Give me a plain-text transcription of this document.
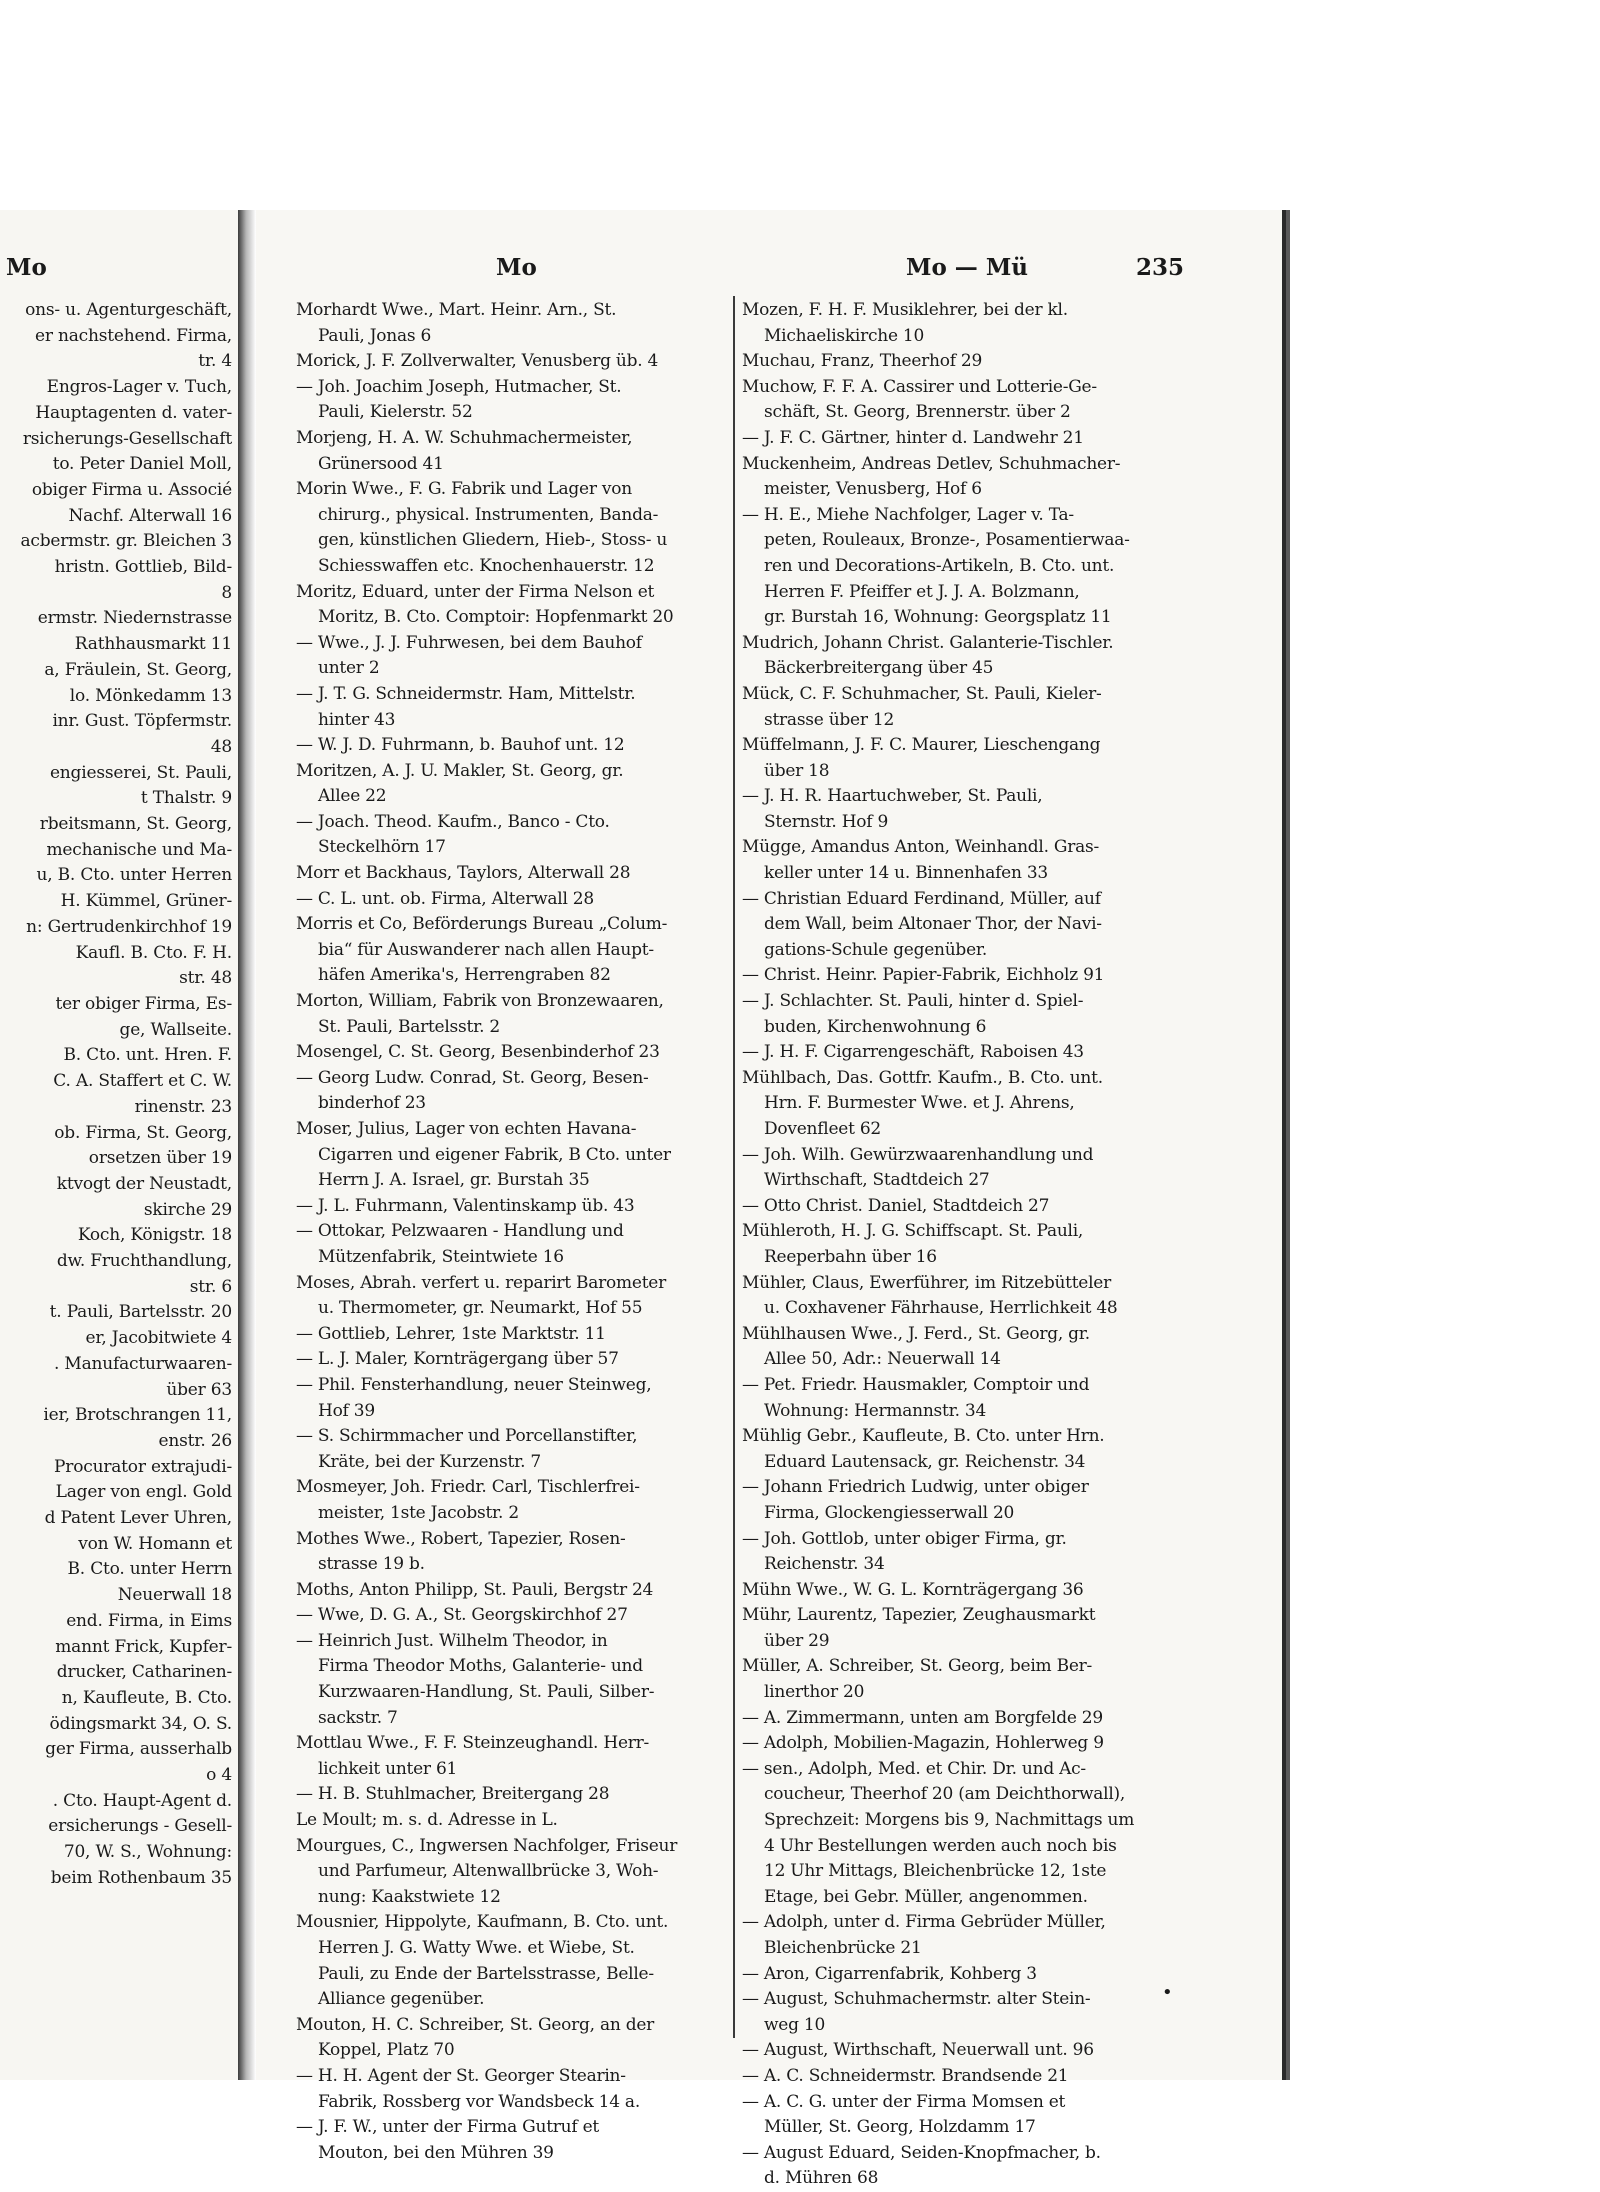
Mo
ons- u. Agenturgeschäft,
er nachstehend. Firma,
tr. 4
Engros-Lager v. Tuch,
Hauptagenten d. vater-
rsicherungs-Gesellschaft
to. Peter Daniel Moll,
obiger Firma u. Associé
Nachf. Alterwall 16
acbermstr. gr. Bleichen 3
hristn. Gottlieb, Bild-
8
ermstr. Niedernstrasse
Rathhausmarkt 11
a, Fräulein, St. Georg,
lo. Mönkedamm 13
inr. Gust. Töpfermstr.
48
engiesserei, St. Pauli,
t Thalstr. 9
rbeitsmann, St. Georg,
mechanische und Ma-
u, B. Cto. unter Herren
H. Kümmel, Grüner-
n: Gertrudenkirchhof 19
Kaufl. B. Cto. F. H.
str. 48
ter obiger Firma, Es-
ge, Wallseite.
B. Cto. unt. Hren. F.
C. A. Staffert et C. W.
rinenstr. 23
ob. Firma, St. Georg,
orsetzen über 19
ktvogt der Neustadt,
skirche 29
Koch, Königstr. 18
dw. Fruchthandlung,
str. 6
t. Pauli, Bartelsstr. 20
er, Jacobitwiete 4
. Manufacturwaaren-
über 63
ier, Brotschrangen 11,
enstr. 26
Procurator extrajudi-
Lager von engl. Gold
d Patent Lever Uhren,
von W. Homann et
B. Cto. unter Herrn
Neuerwall 18
end. Firma, in Eims
mannt Frick, Kupfer-
drucker, Catharinen-
n, Kaufleute, B. Cto.
ödingsmarkt 34, O. S.
ger Firma, ausserhalb
o 4
. Cto. Haupt-Agent d.
ersicherungs - Gesell-
70, W. S., Wohnung:
beim Rothenbaum 35
Mo	Mo — Mü	235
Morhardt Wwe., Mart. Heinr. Arn., St.
Pauli, Jonas 6
Morick, J. F. Zollverwalter, Venusberg üb. 4
— Joh. Joachim Joseph, Hutmacher, St.
Pauli, Kielerstr. 52
Morjeng, H. A. W. Schuhmachermeister,
Grünersood 41
Morin Wwe., F. G. Fabrik und Lager von
chirurg., physical. Instrumenten, Banda-
gen, künstlichen Gliedern, Hieb-, Stoss- u
Schiesswaffen etc. Knochenhauerstr. 12
Moritz, Eduard, unter der Firma Nelson et
Moritz, B. Cto. Comptoir: Hopfenmarkt 20
— Wwe., J. J. Fuhrwesen, bei dem Bauhof
unter 2
— J. T. G. Schneidermstr. Ham, Mittelstr.
hinter 43
— W. J. D. Fuhrmann, b. Bauhof unt. 12
Moritzen, A. J. U. Makler, St. Georg, gr.
Allee 22
— Joach. Theod. Kaufm., Banco - Cto.
Steckelhörn 17
Morr et Backhaus, Taylors, Alterwall 28
— C. L. unt. ob. Firma, Alterwall 28
Morris et Co, Beförderungs Bureau „Colum-
bia“ für Auswanderer nach allen Haupt-
häfen Amerika's, Herrengraben 82
Morton, William, Fabrik von Bronzewaaren,
St. Pauli, Bartelsstr. 2
Mosengel, C. St. Georg, Besenbinderhof 23
— Georg Ludw. Conrad, St. Georg, Besen-
binderhof 23
Moser, Julius, Lager von echten Havana-
Cigarren und eigener Fabrik, B Cto. unter
Herrn J. A. Israel, gr. Burstah 35
— J. L. Fuhrmann, Valentinskamp üb. 43
— Ottokar, Pelzwaaren - Handlung und
Mützenfabrik, Steintwiete 16
Moses, Abrah. verfert u. reparirt Barometer
u. Thermometer, gr. Neumarkt, Hof 55
— Gottlieb, Lehrer, 1ste Marktstr. 11
— L. J. Maler, Kornträgergang über 57
— Phil. Fensterhandlung, neuer Steinweg,
Hof 39
— S. Schirmmacher und Porcellanstifter,
Kräte, bei der Kurzenstr. 7
Mosmeyer, Joh. Friedr. Carl, Tischlerfrei-
meister, 1ste Jacobstr. 2
Mothes Wwe., Robert, Tapezier, Rosen-
strasse 19 b.
Moths, Anton Philipp, St. Pauli, Bergstr 24
— Wwe, D. G. A., St. Georgskirchhof 27
— Heinrich Just. Wilhelm Theodor, in
Firma Theodor Moths, Galanterie- und
Kurzwaaren-Handlung, St. Pauli, Silber-
sackstr. 7
Mottlau Wwe., F. F. Steinzeughandl. Herr-
lichkeit unter 61
— H. B. Stuhlmacher, Breitergang 28
Le Moult; m. s. d. Adresse in L.
Mourgues, C., Ingwersen Nachfolger, Friseur
und Parfumeur, Altenwallbrücke 3, Woh-
nung: Kaakstwiete 12
Mousnier, Hippolyte, Kaufmann, B. Cto. unt.
Herren J. G. Watty Wwe. et Wiebe, St.
Pauli, zu Ende der Bartelsstrasse, Belle-
Alliance gegenüber.
Mouton, H. C. Schreiber, St. Georg, an der
Koppel, Platz 70
— H. H. Agent der St. Georger Stearin-
Fabrik, Rossberg vor Wandsbeck 14 a.
— J. F. W., unter der Firma Gutruf et
Mouton, bei den Mühren 39
Mozen, F. H. F. Musiklehrer, bei der kl.
Michaeliskirche 10
Muchau, Franz, Theerhof 29
Muchow, F. F. A. Cassirer und Lotterie-Ge-
schäft, St. Georg, Brennerstr. über 2
— J. F. C. Gärtner, hinter d. Landwehr 21
Muckenheim, Andreas Detlev, Schuhmacher-
meister, Venusberg, Hof 6
— H. E., Miehe Nachfolger, Lager v. Ta-
peten, Rouleaux, Bronze-, Posamentierwaa-
ren und Decorations-Artikeln, B. Cto. unt.
Herren F. Pfeiffer et J. J. A. Bolzmann,
gr. Burstah 16, Wohnung: Georgsplatz 11
Mudrich, Johann Christ. Galanterie-Tischler.
Bäckerbreitergang über 45
Mück, C. F. Schuhmacher, St. Pauli, Kieler-
strasse über 12
Müffelmann, J. F. C. Maurer, Lieschengang
über 18
— J. H. R. Haartuchweber, St. Pauli,
Sternstr. Hof 9
Mügge, Amandus Anton, Weinhandl. Gras-
keller unter 14 u. Binnenhafen 33
— Christian Eduard Ferdinand, Müller, auf
dem Wall, beim Altonaer Thor, der Navi-
gations-Schule gegenüber.
— Christ. Heinr. Papier-Fabrik, Eichholz 91
— J. Schlachter. St. Pauli, hinter d. Spiel-
buden, Kirchenwohnung 6
— J. H. F. Cigarrengeschäft, Raboisen 43
Mühlbach, Das. Gottfr. Kaufm., B. Cto. unt.
Hrn. F. Burmester Wwe. et J. Ahrens,
Dovenfleet 62
— Joh. Wilh. Gewürzwaarenhandlung und
Wirthschaft, Stadtdeich 27
— Otto Christ. Daniel, Stadtdeich 27
Mühleroth, H. J. G. Schiffscapt. St. Pauli,
Reeperbahn über 16
Mühler, Claus, Ewerführer, im Ritzebütteler
u. Coxhavener Fährhause, Herrlichkeit 48
Mühlhausen Wwe., J. Ferd., St. Georg, gr.
Allee 50, Adr.: Neuerwall 14
— Pet. Friedr. Hausmakler, Comptoir und
Wohnung: Hermannstr. 34
Mühlig Gebr., Kaufleute, B. Cto. unter Hrn.
Eduard Lautensack, gr. Reichenstr. 34
— Johann Friedrich Ludwig, unter obiger
Firma, Glockengiesserwall 20
— Joh. Gottlob, unter obiger Firma, gr.
Reichenstr. 34
Mühn Wwe., W. G. L. Kornträgergang 36
Mühr, Laurentz, Tapezier, Zeughausmarkt
über 29
Müller, A. Schreiber, St. Georg, beim Ber-
linerthor 20
— A. Zimmermann, unten am Borgfelde 29
— Adolph, Mobilien-Magazin, Hohlerweg 9
— sen., Adolph, Med. et Chir. Dr. und Ac-
coucheur, Theerhof 20 (am Deichthorwall),
Sprechzeit: Morgens bis 9, Nachmittags um
4 Uhr Bestellungen werden auch noch bis
12 Uhr Mittags, Bleichenbrücke 12, 1ste
Etage, bei Gebr. Müller, angenommen.
— Adolph, unter d. Firma Gebrüder Müller,
Bleichenbrücke 21
— Aron, Cigarrenfabrik, Kohberg 3
— August, Schuhmachermstr. alter Stein-
weg 10
— August, Wirthschaft, Neuerwall unt. 96
— A. C. Schneidermstr. Brandsende 21
— A. C. G. unter der Firma Momsen et
Müller, St. Georg, Holzdamm 17
— August Eduard, Seiden-Knopfmacher, b.
d. Mühren 68
•
